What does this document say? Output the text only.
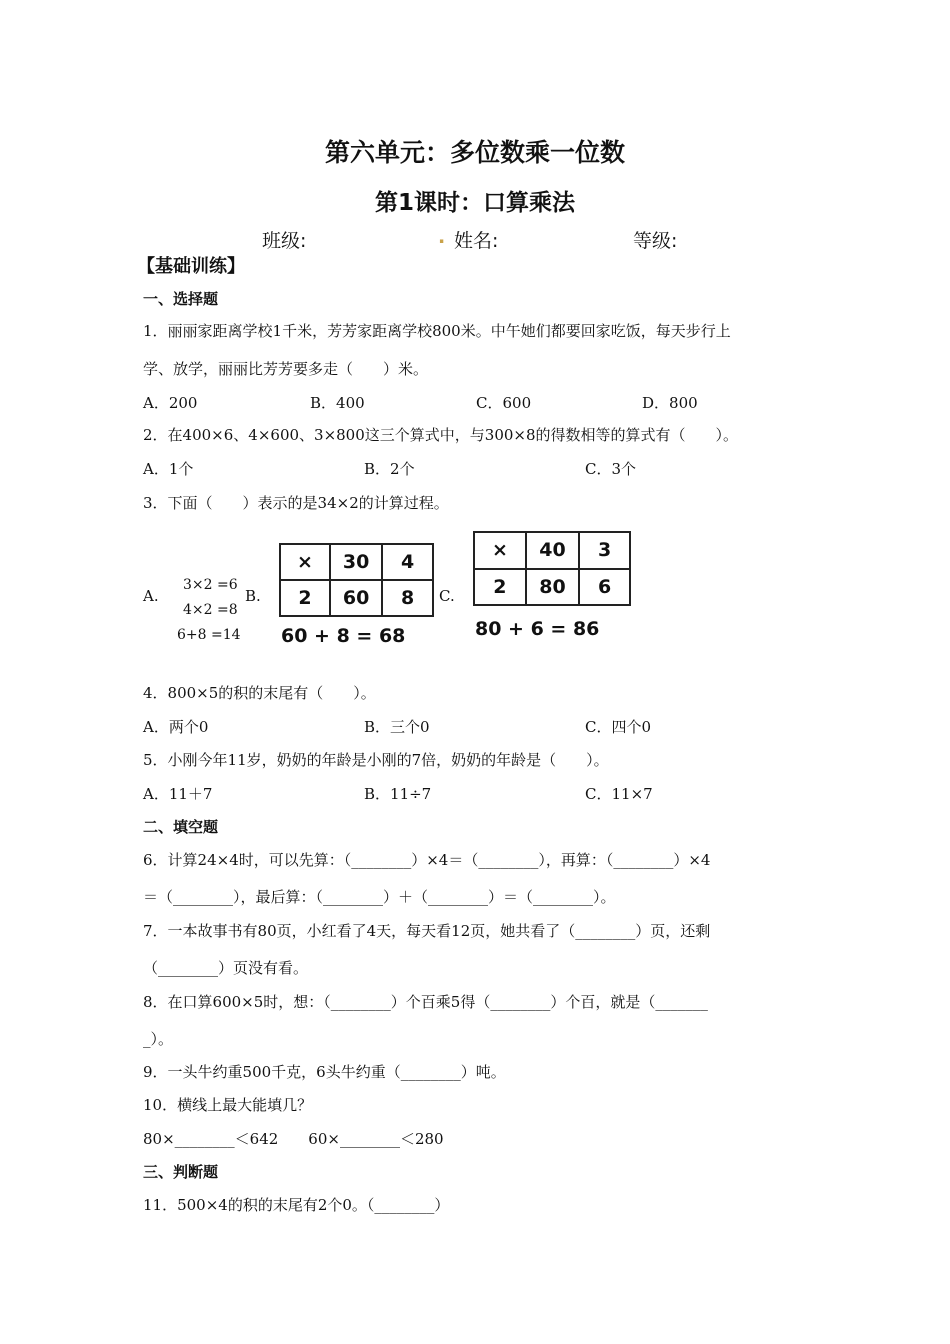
第六单元：多位数乘一位数
第1课时：口算乘法
班级:	. 姓名:	等级:
【基础训练】
一、选择题
1．丽丽家距离学校1千米，芳芳家距离学校800米。中午她们都要回家吃饭，每天步行上
学、放学，丽丽比芳芳要多走（　　）米。
A．200	B．400	C．600	D．800
2．在400×6、4×600、3×800这三个算式中，与300×8的得数相等的算式有（　　）。
A．1个	B．2个	C．3个
3．下面（　　）表示的是34×2的计算过程。
A.
3×2 =6
4×2 =8
6+8 =14
B.
×	30	4
2	60	8
60 + 8 = 68
C.
×	40	3
2	80	6
80 + 6 = 86
4．800×5的积的末尾有（　　）。
A．两个0	B．三个0	C．四个0
5．小刚今年11岁，奶奶的年龄是小刚的7倍，奶奶的年龄是（　　）。
A．11＋7	B．11÷7	C．11×7
二、填空题
6．计算24×4时，可以先算：（________）×4＝（________），再算：（________）×4
＝（________），最后算：（________）＋（________）＝（________）。
7．一本故事书有80页，小红看了4天，每天看12页，她共看了（________）页，还剩
（________）页没有看。
8．在口算600×5时，想：（________）个百乘5得（________）个百，就是（_______
_）。
9．一头牛约重500千克，6头牛约重（________）吨。
10．横线上最大能填几？
80×________＜642　　60×________＜280
三、判断题
11．500×4的积的末尾有2个0。（________）
